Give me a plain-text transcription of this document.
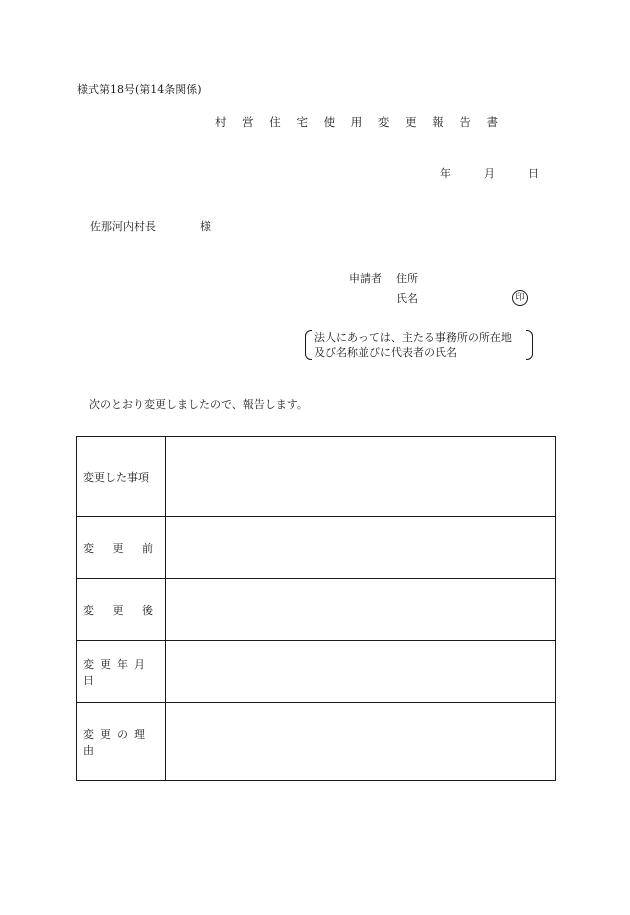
様式第18号(第14条関係)
村 営 住 宅 使 用 変 更 報 告 書
年	月	日
佐那河内村長	様
申請者 住所
氏名	印
法人にあっては、主たる事務所の所在地
及び名称並びに代表者の氏名
次のとおり変更しましたので、報告します。
変更した事項	

変 更 前	

変 更 後	

変更年月日	
変更の理由	
